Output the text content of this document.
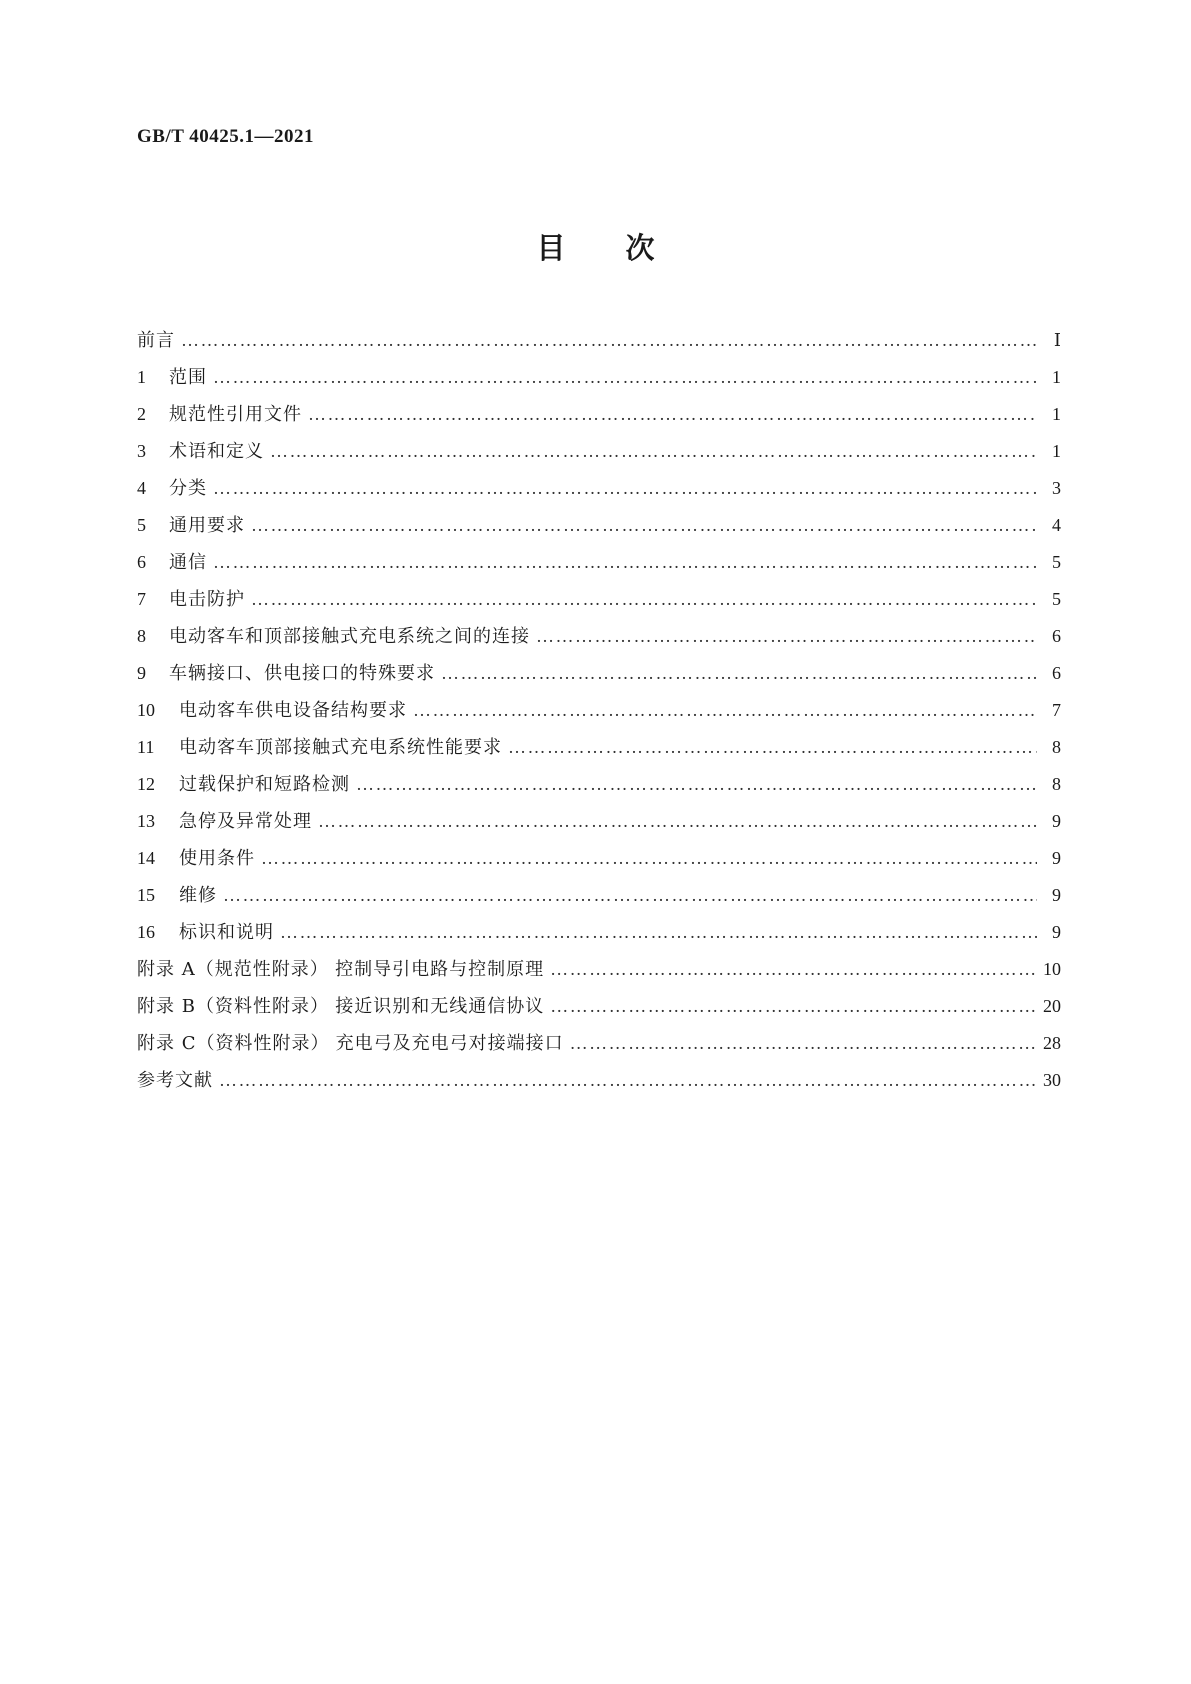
GB/T 40425.1—2021
目次
前言 …………………………………………………………………………………………………………………………………………………………………………………………	Ⅰ
1	范围 …………………………………………………………………………………………………………………………………………………………………………………………	1
2	规范性引用文件 …………………………………………………………………………………………………………………………………………………………………………………………	1
3	术语和定义 …………………………………………………………………………………………………………………………………………………………………………………………	1
4	分类 …………………………………………………………………………………………………………………………………………………………………………………………	3
5	通用要求 …………………………………………………………………………………………………………………………………………………………………………………………	4
6	通信 …………………………………………………………………………………………………………………………………………………………………………………………	5
7	电击防护 …………………………………………………………………………………………………………………………………………………………………………………………	5
8	电动客车和顶部接触式充电系统之间的连接 …………………………………………………………………………………………………………………………………………………………………………………………	6
9	车辆接口、供电接口的特殊要求 …………………………………………………………………………………………………………………………………………………………………………………………	6
10	电动客车供电设备结构要求 …………………………………………………………………………………………………………………………………………………………………………………………	7
11	电动客车顶部接触式充电系统性能要求 …………………………………………………………………………………………………………………………………………………………………………………………	8
12	过载保护和短路检测 …………………………………………………………………………………………………………………………………………………………………………………………	8
13	急停及异常处理 …………………………………………………………………………………………………………………………………………………………………………………………	9
14	使用条件 …………………………………………………………………………………………………………………………………………………………………………………………	9
15	维修 …………………………………………………………………………………………………………………………………………………………………………………………	9
16	标识和说明 …………………………………………………………………………………………………………………………………………………………………………………………	9
附录 A（规范性附录） 控制导引电路与控制原理 …………………………………………………………………………………………………………………………………………………………………………………………	10
附录 B（资料性附录） 接近识别和无线通信协议 …………………………………………………………………………………………………………………………………………………………………………………………	20
附录 C（资料性附录） 充电弓及充电弓对接端接口 …………………………………………………………………………………………………………………………………………………………………………………………	28
参考文献 …………………………………………………………………………………………………………………………………………………………………………………………	30
